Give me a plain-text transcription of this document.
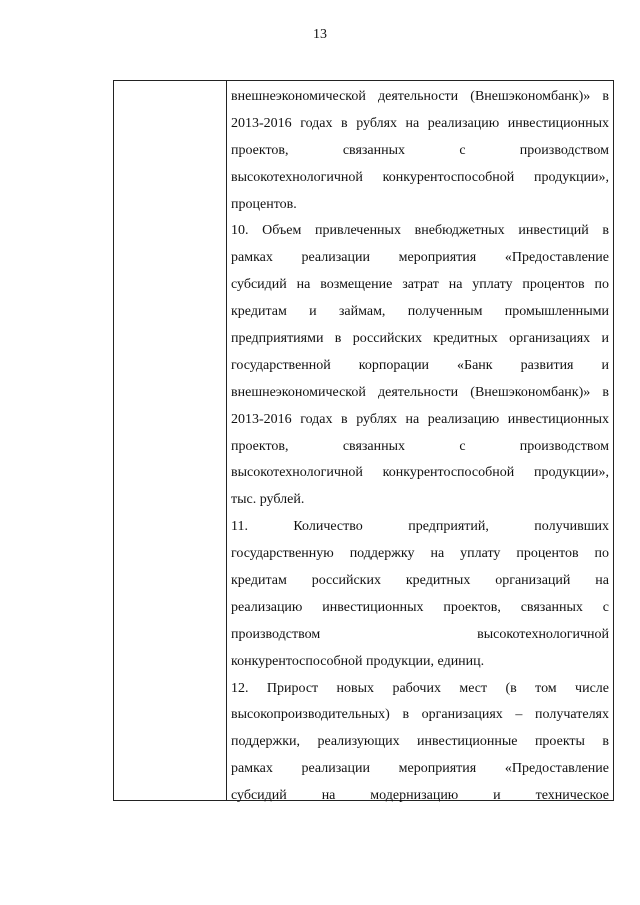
13
внешнеэкономической деятельности (Внешэкономбанк)» в
2013-2016 годах в рублях на реализацию инвестиционных
проектов, связанных с производством
высокотехнологичной конкурентоспособной продукции»,
процентов.
10. Объем привлеченных внебюджетных инвестиций в
рамках реализации мероприятия «Предоставление
субсидий на возмещение затрат на уплату процентов по
кредитам и займам, полученным промышленными
предприятиями в российских кредитных организациях и
государственной корпорации «Банк развития и
внешнеэкономической деятельности (Внешэкономбанк)» в
2013-2016 годах в рублях на реализацию инвестиционных
проектов, связанных с производством
высокотехнологичной конкурентоспособной продукции»,
тыс. рублей.
11. Количество предприятий, получивших
государственную поддержку на уплату процентов по
кредитам российских кредитных организаций на
реализацию инвестиционных проектов, связанных с
производством высокотехнологичной
конкурентоспособной продукции, единиц.
12. Прирост новых рабочих мест (в том числе
высокопроизводительных) в организациях – получателях
поддержки, реализующих инвестиционные проекты в
рамках реализации мероприятия «Предоставление
субсидий на модернизацию и техническое
